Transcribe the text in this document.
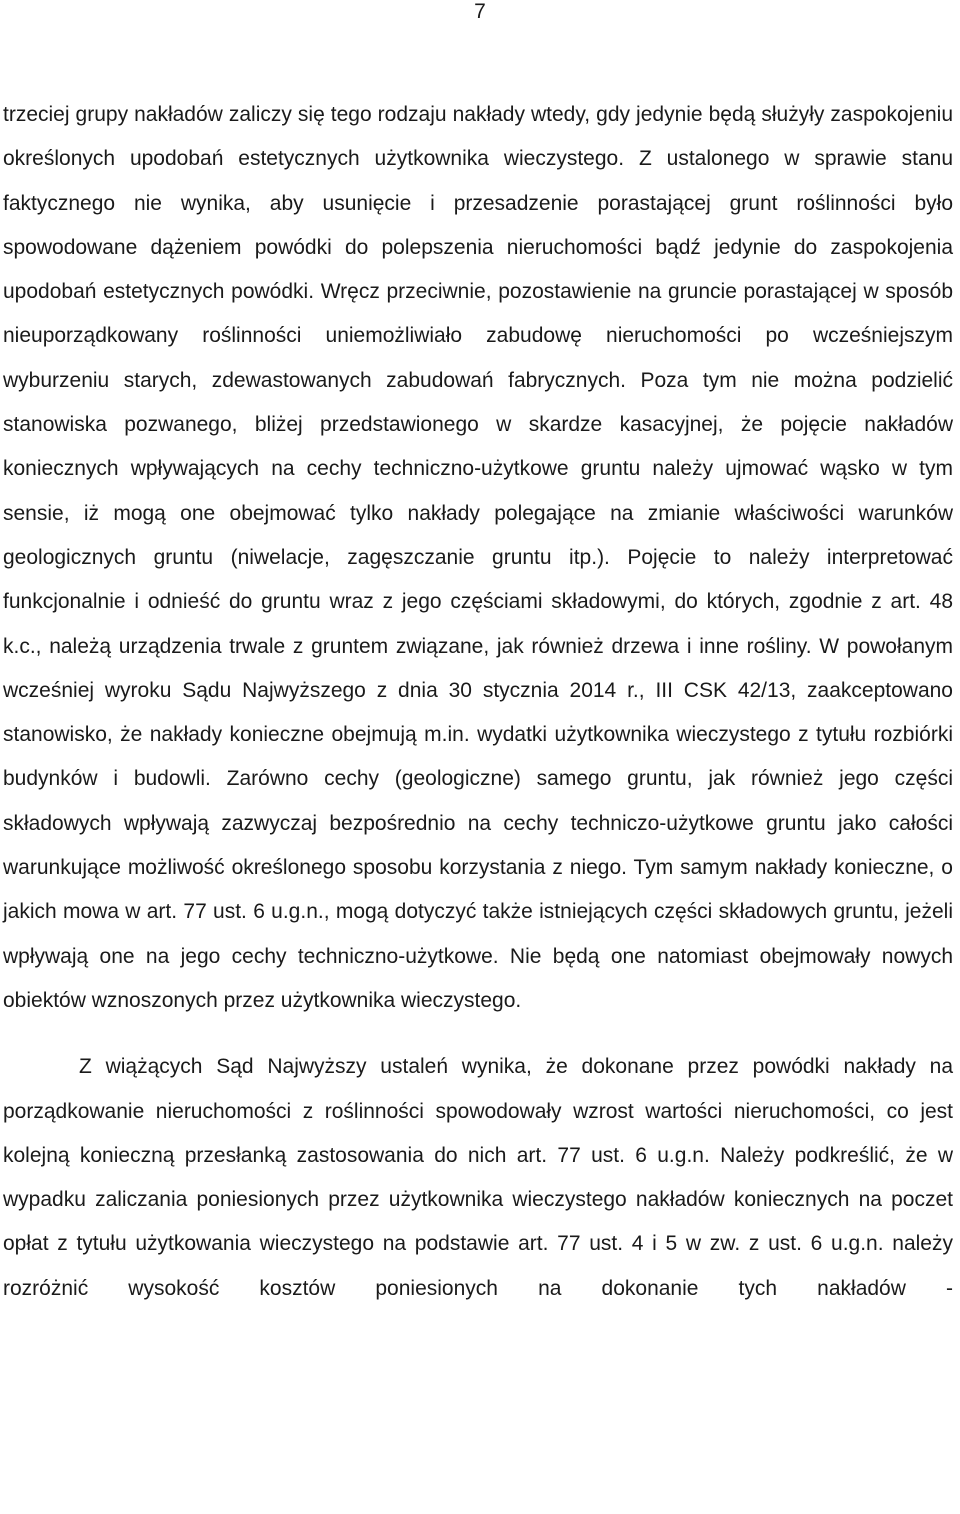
7

trzeciej grupy nakładów zaliczy się tego rodzaju nakłady wtedy, gdy jedynie będą służyły zaspokojeniu określonych upodobań estetycznych użytkownika wieczystego. Z ustalonego w sprawie stanu faktycznego nie wynika, aby usunięcie i przesadzenie porastającej grunt roślinności było spowodowane dążeniem powódki do polepszenia nieruchomości bądź jedynie do zaspokojenia upodobań estetycznych powódki. Wręcz przeciwnie, pozostawienie na gruncie porastającej w sposób nieuporządkowany roślinności uniemożliwiało zabudowę nieruchomości po wcześniejszym wyburzeniu starych, zdewastowanych zabudowań fabrycznych. Poza tym nie można podzielić stanowiska pozwanego, bliżej przedstawionego w skardze kasacyjnej, że pojęcie nakładów koniecznych wpływających na cechy techniczno-użytkowe gruntu należy ujmować wąsko w tym sensie, iż mogą one obejmować tylko nakłady polegające na zmianie właściwości warunków geologicznych gruntu (niwelacje, zagęszczanie gruntu itp.). Pojęcie to należy interpretować funkcjonalnie i odnieść do gruntu wraz z jego częściami składowymi, do których, zgodnie z art. 48 k.c., należą urządzenia trwale z gruntem związane, jak również drzewa i inne rośliny. W powołanym wcześniej wyroku Sądu Najwyższego z dnia 30 stycznia 2014 r., III CSK 42/13, zaakceptowano stanowisko, że nakłady konieczne obejmują m.in. wydatki użytkownika wieczystego z tytułu rozbiórki budynków i budowli. Zarówno cechy (geologiczne) samego gruntu, jak również jego części składowych wpływają zazwyczaj bezpośrednio na cechy techniczo-użytkowe gruntu jako całości warunkujące możliwość określonego sposobu korzystania z niego. Tym samym nakłady konieczne, o jakich mowa w art. 77 ust. 6 u.g.n., mogą dotyczyć także istniejących części składowych gruntu, jeżeli wpływają one na jego cechy techniczno-użytkowe. Nie będą one natomiast obejmowały nowych obiektów wznoszonych przez użytkownika wieczystego.

Z wiążących Sąd Najwyższy ustaleń wynika, że dokonane przez powódki nakłady na porządkowanie nieruchomości z roślinności spowodowały wzrost wartości nieruchomości, co jest kolejną konieczną przesłanką zastosowania do nich art. 77 ust. 6 u.g.n. Należy podkreślić, że w wypadku zaliczania poniesionych przez użytkownika wieczystego nakładów koniecznych na poczet opłat z tytułu użytkowania wieczystego na podstawie art. 77 ust. 4 i 5 w zw. z ust. 6 u.g.n. należy rozróżnić wysokość kosztów poniesionych na dokonanie tych nakładów -
